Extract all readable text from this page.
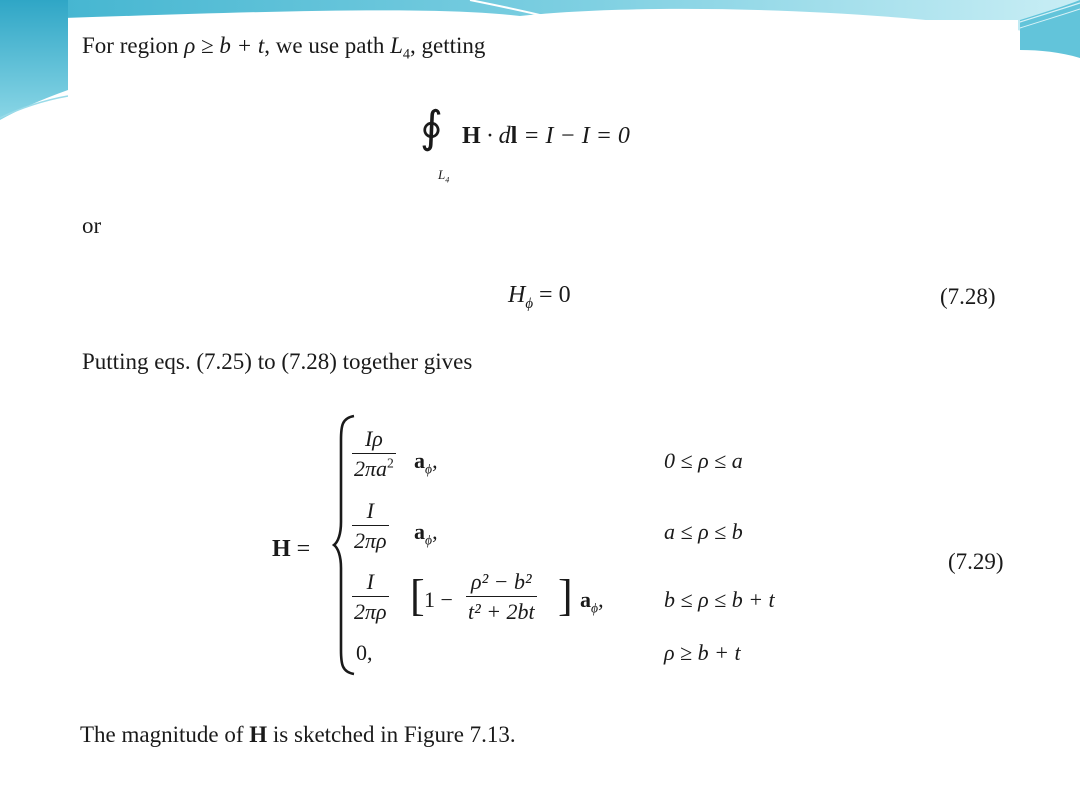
For region ρ ≥ b + t, we use path $L_4$, getting
∮
$L_4$
H · dl = I − I = 0
or
$H_\phi = 0$	(7.28)
Putting eqs. (7.25) to (7.28) together gives
H =
$\frac{I\rho}{2\pi a^2} a_\phi$,	0 ≤ ρ ≤ a
$\frac{I}{2\pi\rho} a_\phi$,	a ≤ ρ ≤ b
$\frac{I}{2\pi\rho}$ [ $1 - \frac{\text{ρ² − b²}}{\text{t² + 2bt}}$ ] $a_\phi$,	b ≤ ρ ≤ b + t
0,	ρ ≥ b + t
(7.29)
The magnitude of H is sketched in Figure 7.13.
